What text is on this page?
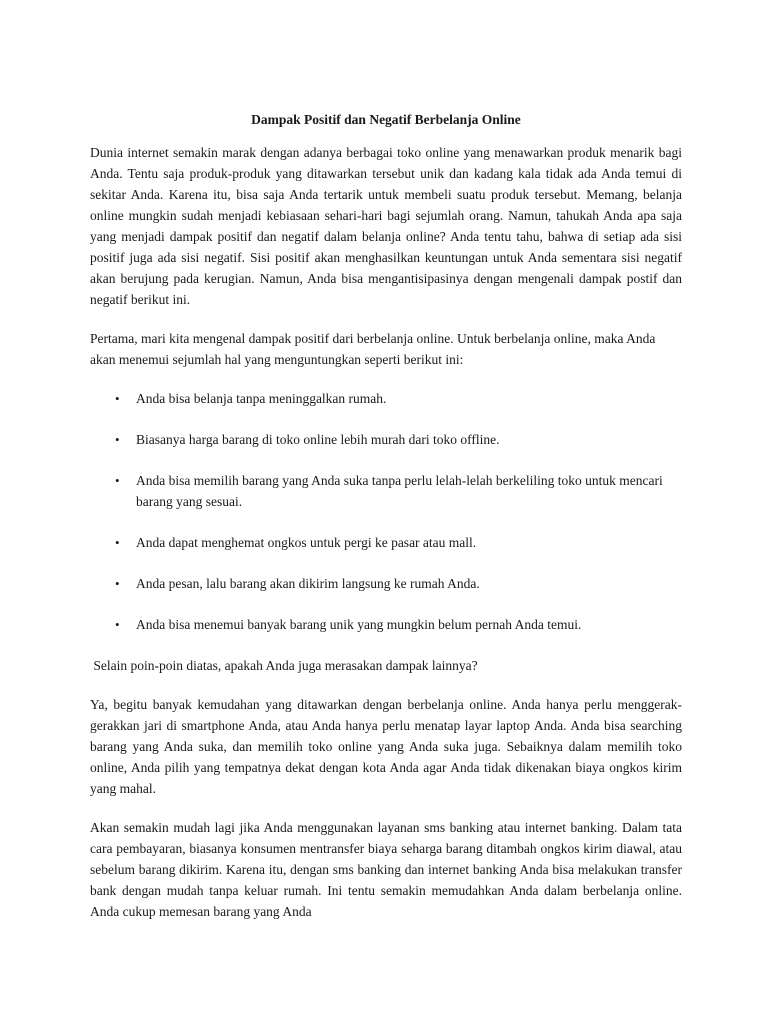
Dampak Positif dan Negatif Berbelanja Online

Dunia internet semakin marak dengan adanya berbagai toko online yang menawarkan produk menarik bagi Anda. Tentu saja produk-produk yang ditawarkan tersebut unik dan kadang kala tidak ada Anda temui di sekitar Anda. Karena itu, bisa saja Anda tertarik untuk membeli suatu produk tersebut. Memang, belanja online mungkin sudah menjadi kebiasaan sehari-hari bagi sejumlah orang. Namun, tahukah Anda apa saja yang menjadi dampak positif dan negatif dalam belanja online? Anda tentu tahu, bahwa di setiap ada sisi positif juga ada sisi negatif. Sisi positif akan menghasilkan keuntungan untuk Anda sementara sisi negatif akan berujung pada kerugian. Namun, Anda bisa mengantisipasinya dengan mengenali dampak postif dan negatif berikut ini.

Pertama, mari kita mengenal dampak positif dari berbelanja online. Untuk berbelanja online, maka Anda akan menemui sejumlah hal yang menguntungkan seperti berikut ini:

• Anda bisa belanja tanpa meninggalkan rumah.
• Biasanya harga barang di toko online lebih murah dari toko offline.
• Anda bisa memilih barang yang Anda suka tanpa perlu lelah-lelah berkeliling toko untuk mencari barang yang sesuai.
• Anda dapat menghemat ongkos untuk pergi ke pasar atau mall.
• Anda pesan, lalu barang akan dikirim langsung ke rumah Anda.
• Anda bisa menemui banyak barang unik yang mungkin belum pernah Anda temui.

Selain poin-poin diatas, apakah Anda juga merasakan dampak lainnya?

Ya, begitu banyak kemudahan yang ditawarkan dengan berbelanja online. Anda hanya perlu menggerak-gerakkan jari di smartphone Anda, atau Anda hanya perlu menatap layar laptop Anda. Anda bisa searching barang yang Anda suka, dan memilih toko online yang Anda suka juga. Sebaiknya dalam memilih toko online, Anda pilih yang tempatnya dekat dengan kota Anda agar Anda tidak dikenakan biaya ongkos kirim yang mahal.

Akan semakin mudah lagi jika Anda menggunakan layanan sms banking atau internet banking. Dalam tata cara pembayaran, biasanya konsumen mentransfer biaya seharga barang ditambah ongkos kirim diawal, atau sebelum barang dikirim. Karena itu, dengan sms banking dan internet banking Anda bisa melakukan transfer bank dengan mudah tanpa keluar rumah. Ini tentu semakin memudahkan Anda dalam berbelanja online. Anda cukup memesan barang yang Anda
